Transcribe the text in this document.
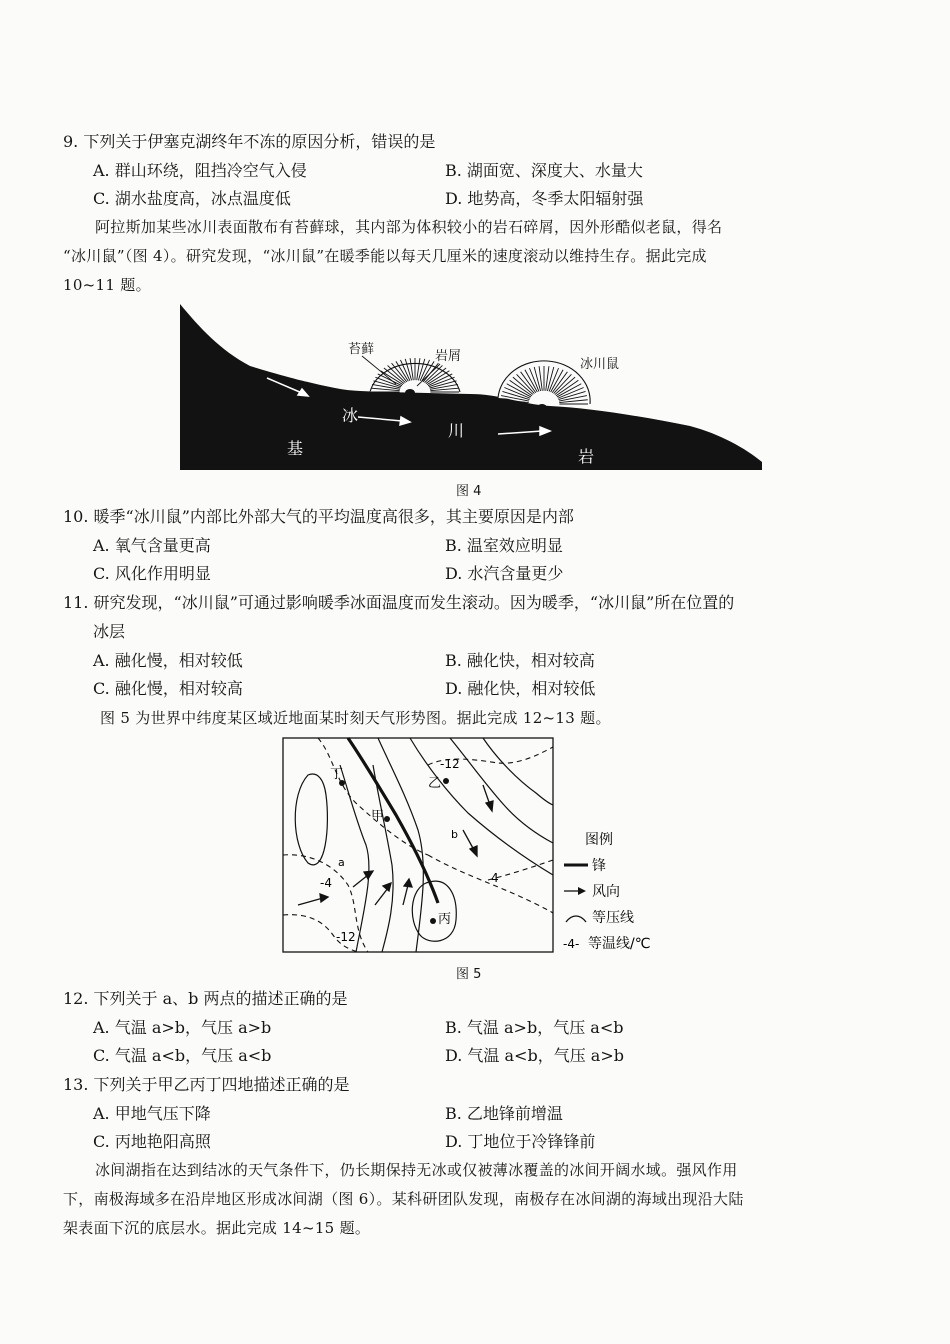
9. 下列关于伊塞克湖终年不冻的原因分析，错误的是
A. 群山环绕，阻挡冷空气入侵	B. 湖面宽、深度大、水量大
C. 湖水盐度高，冰点温度低	D. 地势高，冬季太阳辐射强
阿拉斯加某些冰川表面散布有苔藓球，其内部为体积较小的岩石碎屑，因外形酷似老鼠，得名
“冰川鼠”（图 4）。研究发现，“冰川鼠”在暖季能以每天几厘米的速度滚动以维持生存。据此完成
10~11 题。
苔藓	岩屑
冰川鼠
冰
川
基	岩
图 4
10. 暖季“冰川鼠”内部比外部大气的平均温度高很多，其主要原因是内部
A. 氧气含量更高	B. 温室效应明显
C. 风化作用明显	D. 水汽含量更少
11. 研究发现，“冰川鼠”可通过影响暖季冰面温度而发生滚动。因为暖季，“冰川鼠”所在位置的
冰层
A. 融化慢，相对较低	B. 融化快，相对较高
C. 融化慢，相对较高	D. 融化快，相对较低
图 5 为世界中纬度某区域近地面某时刻天气形势图。据此完成 12~13 题。
丁
乙
甲
丙
a
b
-12
-4	4
-12
图例
锋
风向
等压线
-4- 等温线/℃
图 5
12. 下列关于 a、b 两点的描述正确的是
A. 气温 a>b，气压 a>b	B. 气温 a>b，气压 a<b
C. 气温 a<b，气压 a<b	D. 气温 a<b，气压 a>b
13. 下列关于甲乙丙丁四地描述正确的是
A. 甲地气压下降	B. 乙地锋前增温
C. 丙地艳阳高照	D. 丁地位于冷锋锋前
冰间湖指在达到结冰的天气条件下，仍长期保持无冰或仅被薄冰覆盖的冰间开阔水域。强风作用
下，南极海域多在沿岸地区形成冰间湖（图 6）。某科研团队发现，南极存在冰间湖的海域出现沿大陆
架表面下沉的底层水。据此完成 14~15 题。
